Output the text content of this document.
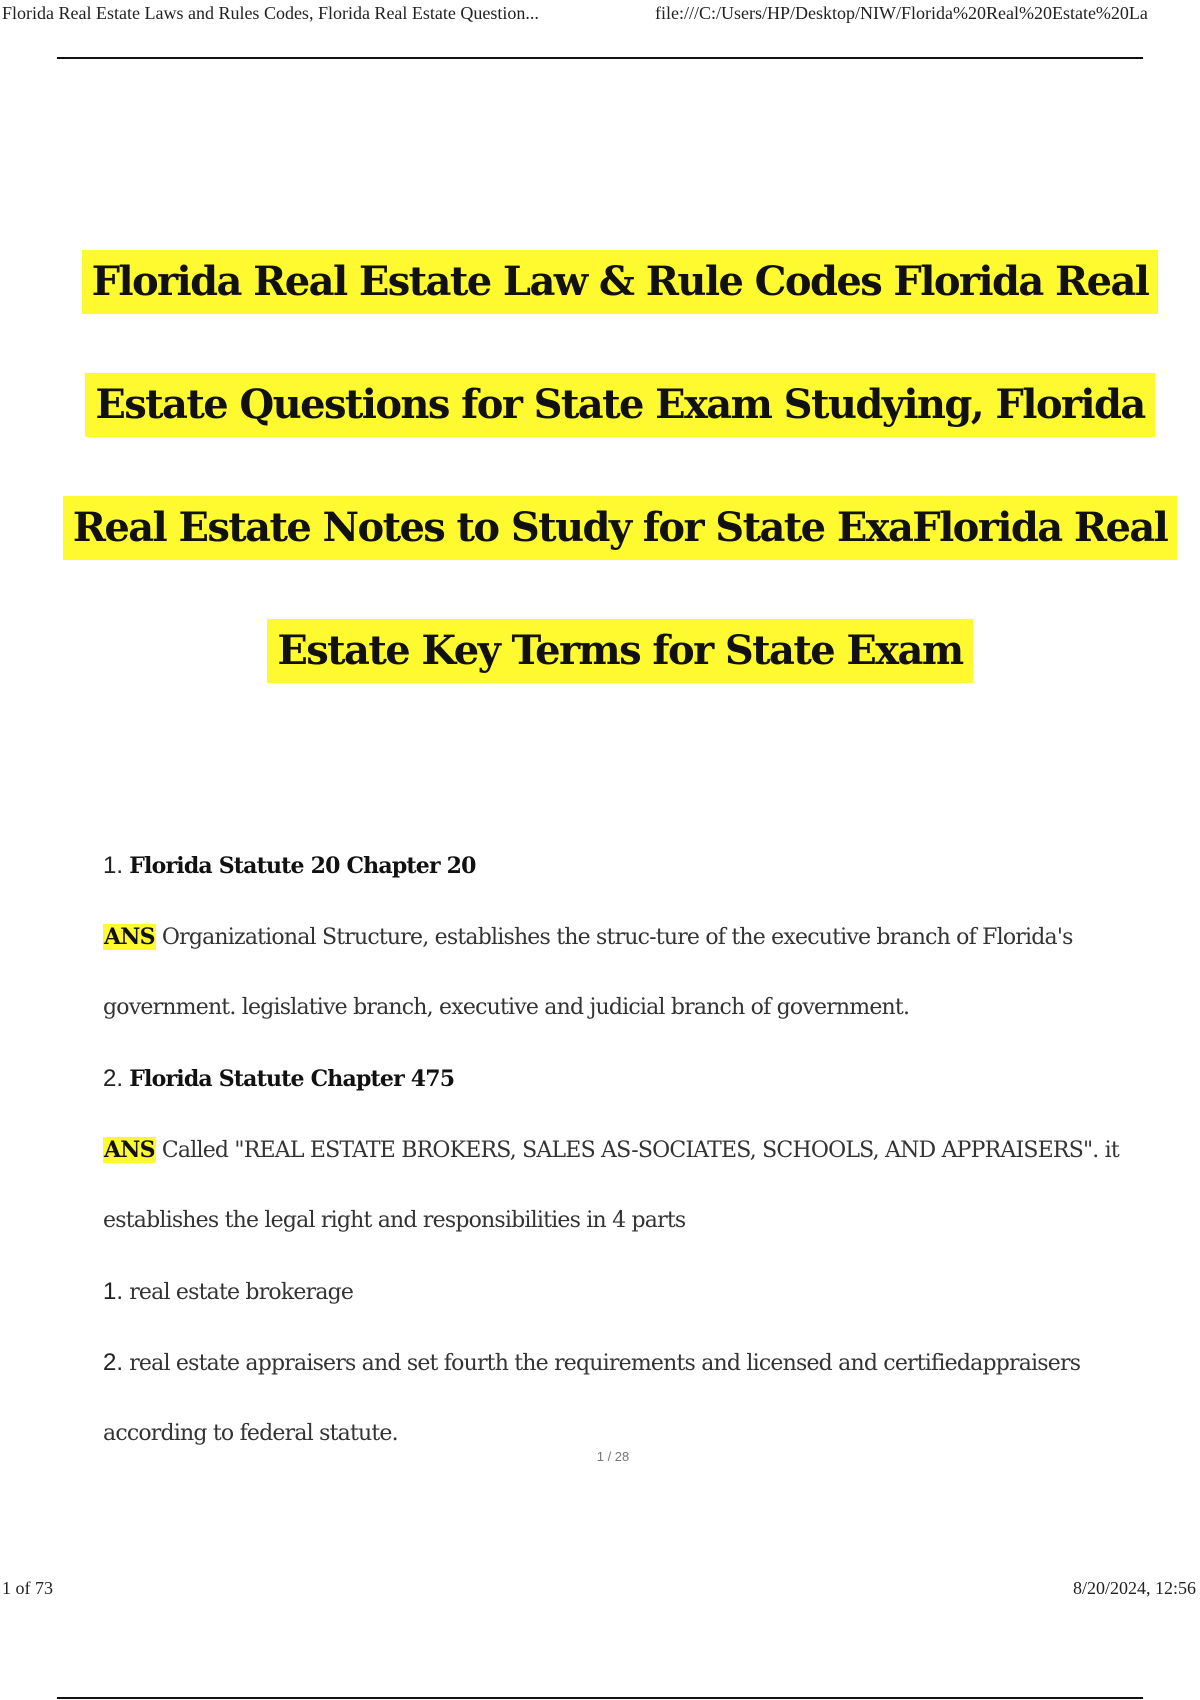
Florida Real Estate Laws and Rules Codes, Florida Real Estate Question...	file:///C:/Users/HP/Desktop/NIW/Florida%20Real%20Estate%20La
Florida Real Estate Law & Rule Codes Florida Real
Estate Questions for State Exam Studying, Florida
Real Estate Notes to Study for State ExaFlorida Real
Estate Key Terms for State Exam
1. Florida Statute 20 Chapter 20
ANS Organizational Structure, establishes the struc-ture of the executive branch of Florida's
government. legislative branch, executive and judicial branch of government.
2. Florida Statute Chapter 475
ANS Called "REAL ESTATE BROKERS, SALES AS-SOCIATES, SCHOOLS, AND APPRAISERS". it
establishes the legal right and responsibilities in 4 parts
1. real estate brokerage
2. real estate appraisers and set fourth the requirements and licensed and certifiedappraisers
according to federal statute.
1 / 28
1 of 73	8/20/2024, 12:56
